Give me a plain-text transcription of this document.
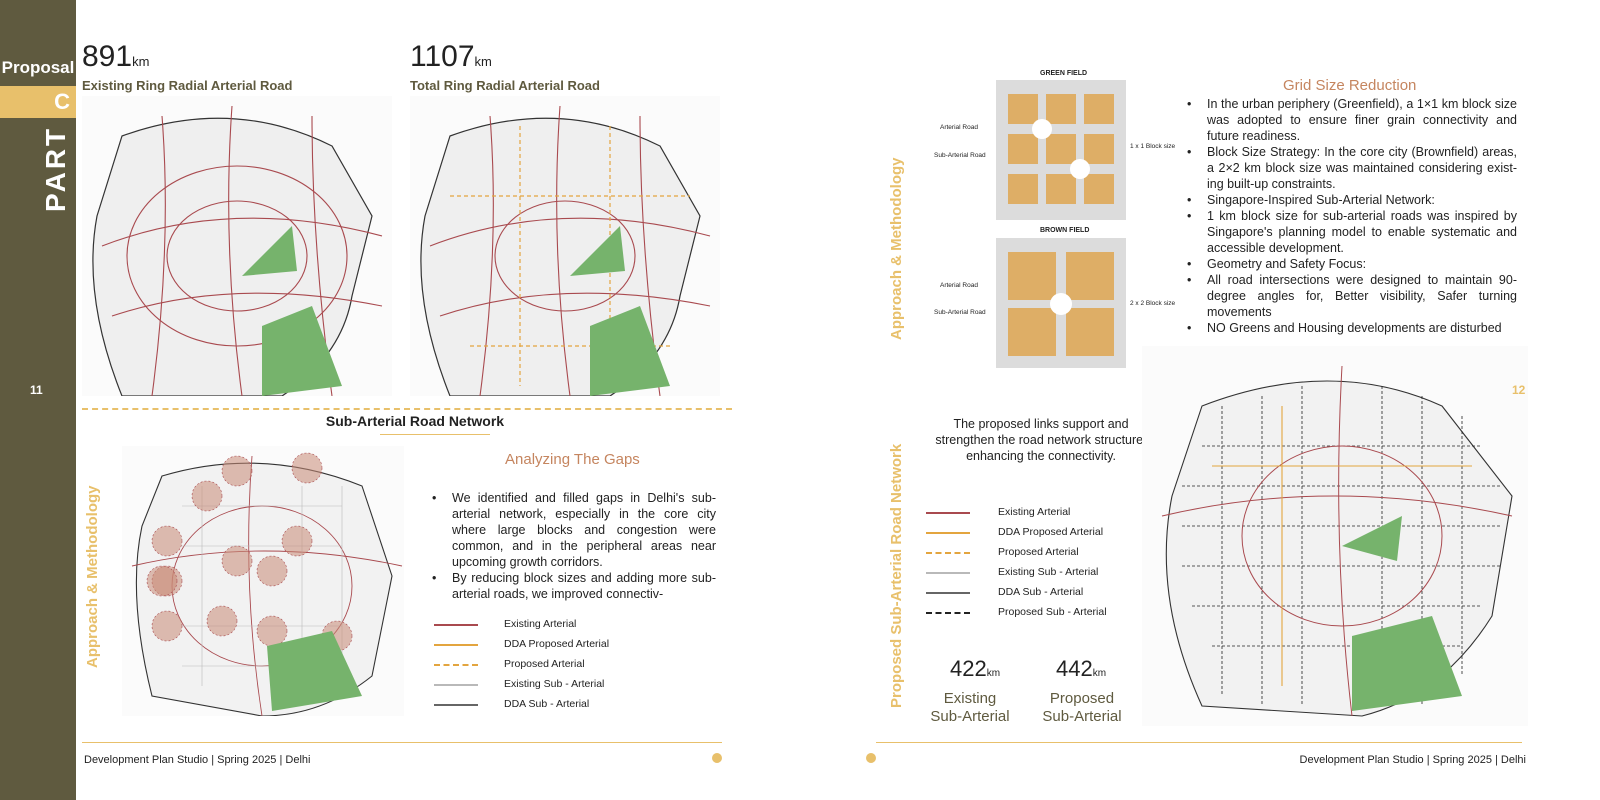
Proposal
C
PART
11
891km
Existing Ring Radial Arterial Road
1107km
Total Ring Radial Arterial Road
Sub-Arterial Road Network
Approach & Methodology
Analyzing The Gaps
• We identified and filled gaps in Delhi's sub-arterial network, especially in the core city where large blocks and congestion were common, and in the peripheral areas near upcoming growth corridors.
• By reducing block sizes and adding more sub-arterial roads, we improved connectiv-
Existing Arterial
DDA Proposed Arterial
Proposed Arterial
Existing Sub - Arterial
DDA Sub - Arterial
Development Plan Studio | Spring 2025 | Delhi
Approach & Methodology
Proposed Sub-Arterial Road Network
GREEN FIELD
Arterial Road
Sub-Arterial Road
1 x 1 Block size
BROWN FIELD
Arterial Road
Sub-Arterial Road
2 x 2 Block size
Grid Size Reduction
• In the urban periphery (Greenfield), a 1×1 km block size was adopted to ensure finer grain connectivity and future readiness.
• Block Size Strategy: In the core city (Brownfield) areas, a 2×2 km block size was maintained considering exist-ing built-up constraints.
• Singapore-Inspired Sub-Arterial Network:
• 1 km block size for sub-arterial roads was inspired by Singapore's planning model to enable systematic and accessible development.
• Geometry and Safety Focus:
• All road intersections were designed to maintain 90-degree angles for, Better visibility, Safer turning movements
• NO Greens and Housing developments are disturbed
The proposed links support and strengthen the road network structure, enhancing the connectivity.
Existing Arterial
DDA Proposed Arterial
Proposed Arterial
Existing Sub - Arterial
DDA Sub - Arterial
Proposed Sub - Arterial
422km
Existing
Sub-Arterial
442km
Proposed
Sub-Arterial
12
Development Plan Studio | Spring 2025 | Delhi
